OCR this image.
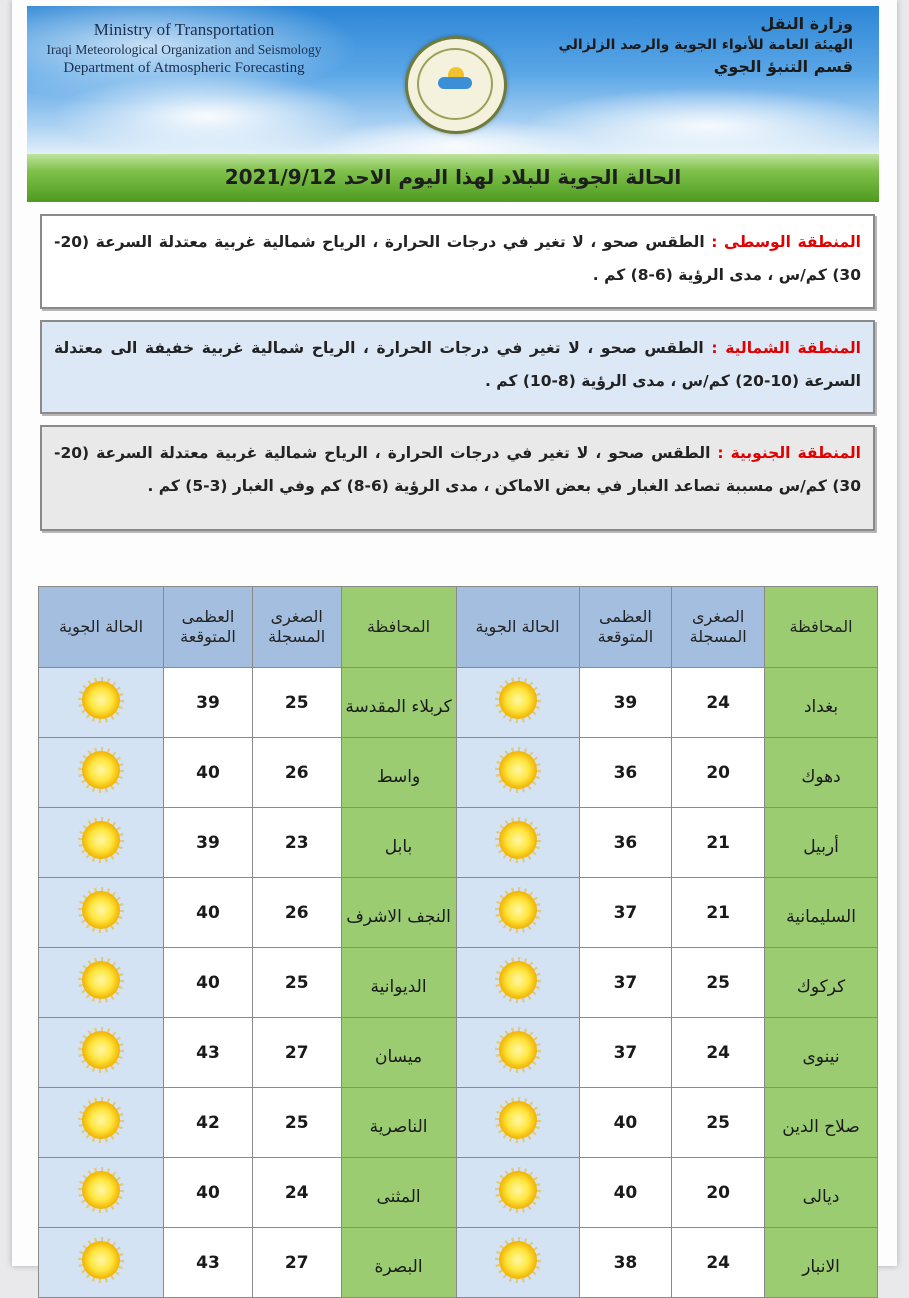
Ministry of Transportation
Iraqi Meteorological Organization and Seismology
Department of Atmospheric Forecasting
وزارة النقل
الهيئة العامة للأنواء الجوية والرصد الزلزالي
قسم التنبؤ الجوي
الحالة الجوية للبلاد لهذا اليوم الاحد 2021/9/12
المنطقة الوسطى : الطقس صحو ، لا تغير في درجات الحرارة ، الرياح شمالية غربية معتدلة السرعة (20-30) كم/س ، مدى الرؤية (6-8) كم .
المنطقة الشمالية : الطقس صحو ، لا تغير في درجات الحرارة ، الرياح شمالية غربية خفيفة الى معتدلة السرعة (10-20) كم/س ، مدى الرؤية (8-10) كم .
المنطقة الجنوبية : الطقس صحو ، لا تغير في درجات الحرارة ، الرياح شمالية غربية معتدلة السرعة (20-30) كم/س مسببة تصاعد الغبار في بعض الاماكن ، مدى الرؤية (6-8) كم وفي الغبار (3-5) كم .
المحافظة	الصغرى المسجلة	العظمى المتوقعة	الحالة الجوية	المحافظة	الصغرى المسجلة	العظمى المتوقعة	الحالة الجوية
بغداد	24	39		كربلاء المقدسة	25	39	
دهوك	20	36		واسط	26	40	
أربيل	21	36		بابل	23	39	
السليمانية	21	37		النجف الاشرف	26	40	
كركوك	25	37		الديوانية	25	40	
نينوى	24	37		ميسان	27	43	
صلاح الدين	25	40		الناصرية	25	42	
ديالى	20	40		المثنى	24	40	
الانبار	24	38		البصرة	27	43	
